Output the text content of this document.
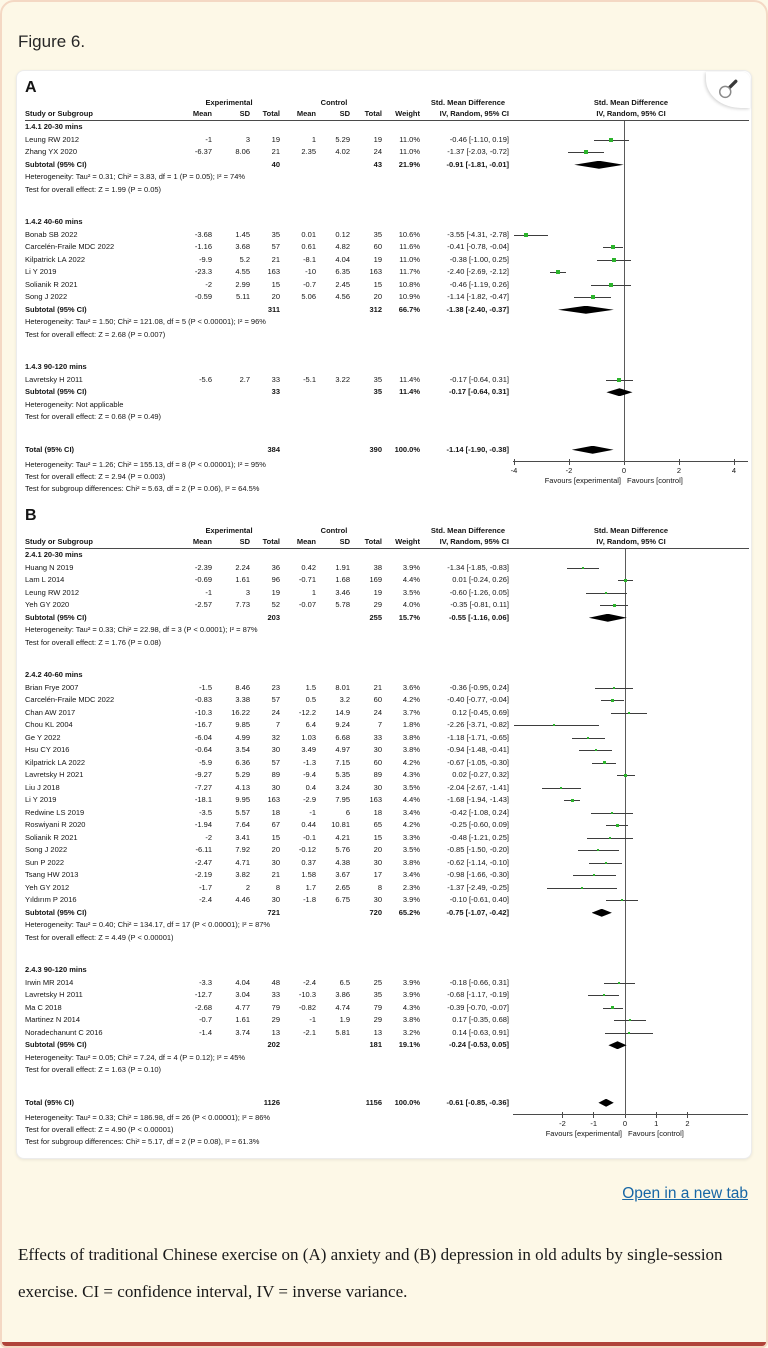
Figure 6.
A
Experimental	Control	Std. Mean Difference	Std. Mean Difference
Study or Subgroup	Mean	SD	Total	Mean	SD	Total	Weight	IV, Random, 95% CI	IV, Random, 95% CI
1.4.1 20-30 mins
Leung RW 2012	-1	3	19	1	5.29	19	11.0%	-0.46 [-1.10, 0.19]
Zhang YX 2020	-6.37	8.06	21	2.35	4.02	24	11.0%	-1.37 [-2.03, -0.72]
Subtotal (95% CI)	40	43	21.9%	-0.91 [-1.81, -0.01]
Heterogeneity: Tau² = 0.31; Chi² = 3.83, df = 1 (P = 0.05); I² = 74%
Test for overall effect: Z = 1.99 (P = 0.05)
1.4.2 40-60 mins
Bonab SB 2022	-3.68	1.45	35	0.01	0.12	35	10.6%	-3.55 [-4.31, -2.78]
Carcelén-Fraile MDC 2022	-1.16	3.68	57	0.61	4.82	60	11.6%	-0.41 [-0.78, -0.04]
Kilpatrick LA 2022	-9.9	5.2	21	-8.1	4.04	19	11.0%	-0.38 [-1.00, 0.25]
Li Y 2019	-23.3	4.55	163	-10	6.35	163	11.7%	-2.40 [-2.69, -2.12]
Solianik R 2021	-2	2.99	15	-0.7	2.45	15	10.8%	-0.46 [-1.19, 0.26]
Song J 2022	-0.59	5.11	20	5.06	4.56	20	10.9%	-1.14 [-1.82, -0.47]
Subtotal (95% CI)	311	312	66.7%	-1.38 [-2.40, -0.37]
Heterogeneity: Tau² = 1.50; Chi² = 121.08, df = 5 (P < 0.00001); I² = 96%
Test for overall effect: Z = 2.68 (P = 0.007)
1.4.3 90-120 mins
Lavretsky H 2011	-5.6	2.7	33	-5.1	3.22	35	11.4%	-0.17 [-0.64, 0.31]
Subtotal (95% CI)	33	35	11.4%	-0.17 [-0.64, 0.31]
Heterogeneity: Not applicable
Test for overall effect: Z = 0.68 (P = 0.49)
Total (95% CI)	384	390	100.0%	-1.14 [-1.90, -0.38]
Heterogeneity: Tau² = 1.26; Chi² = 155.13, df = 8 (P < 0.00001); I² = 95%
Test for overall effect: Z = 2.94 (P = 0.003)
Test for subgroup differences: Chi² = 5.63, df = 2 (P = 0.06), I² = 64.5%
-4	-2	0	2	4
Favours [experimental] Favours [control]
B
Experimental	Control	Std. Mean Difference	Std. Mean Difference
Study or Subgroup	Mean	SD	Total	Mean	SD	Total	Weight	IV, Random, 95% CI	IV, Random, 95% CI
2.4.1 20-30 mins
Huang N 2019	-2.39	2.24	36	0.42	1.91	38	3.9%	-1.34 [-1.85, -0.83]
Lam L 2014	-0.69	1.61	96	-0.71	1.68	169	4.4%	0.01 [-0.24, 0.26]
Leung RW 2012	-1	3	19	1	3.46	19	3.5%	-0.60 [-1.26, 0.05]
Yeh GY 2020	-2.57	7.73	52	-0.07	5.78	29	4.0%	-0.35 [-0.81, 0.11]
Subtotal (95% CI)	203	255	15.7%	-0.55 [-1.16, 0.06]
Heterogeneity: Tau² = 0.33; Chi² = 22.98, df = 3 (P < 0.0001); I² = 87%
Test for overall effect: Z = 1.76 (P = 0.08)
2.4.2 40-60 mins
Brian Frye 2007	-1.5	8.46	23	1.5	8.01	21	3.6%	-0.36 [-0.95, 0.24]
Carcelén-Fraile MDC 2022	-0.83	3.38	57	0.5	3.2	60	4.2%	-0.40 [-0.77, -0.04]
Chan AW 2017	-10.3	16.22	24	-12.2	14.9	24	3.7%	0.12 [-0.45, 0.69]
Chou KL 2004	-16.7	9.85	7	6.4	9.24	7	1.8%	-2.26 [-3.71, -0.82]
Ge Y 2022	-6.04	4.99	32	1.03	6.68	33	3.8%	-1.18 [-1.71, -0.65]
Hsu CY 2016	-0.64	3.54	30	3.49	4.97	30	3.8%	-0.94 [-1.48, -0.41]
Kilpatrick LA 2022	-5.9	6.36	57	-1.3	7.15	60	4.2%	-0.67 [-1.05, -0.30]
Lavretsky H 2021	-9.27	5.29	89	-9.4	5.35	89	4.3%	0.02 [-0.27, 0.32]
Liu J 2018	-7.27	4.13	30	0.4	3.24	30	3.5%	-2.04 [-2.67, -1.41]
Li Y 2019	-18.1	9.95	163	-2.9	7.95	163	4.4%	-1.68 [-1.94, -1.43]
Redwine LS 2019	-3.5	5.57	18	-1	6	18	3.4%	-0.42 [-1.08, 0.24]
Roswiyani R 2020	-1.94	7.64	67	0.44	10.81	65	4.2%	-0.25 [-0.60, 0.09]
Solianik R 2021	-2	3.41	15	-0.1	4.21	15	3.3%	-0.48 [-1.21, 0.25]
Song J 2022	-6.11	7.92	20	-0.12	5.76	20	3.5%	-0.85 [-1.50, -0.20]
Sun P 2022	-2.47	4.71	30	0.37	4.38	30	3.8%	-0.62 [-1.14, -0.10]
Tsang HW 2013	-2.19	3.82	21	1.58	3.67	17	3.4%	-0.98 [-1.66, -0.30]
Yeh GY 2012	-1.7	2	8	1.7	2.65	8	2.3%	-1.37 [-2.49, -0.25]
Yıldırım P 2016	-2.4	4.46	30	-1.8	6.75	30	3.9%	-0.10 [-0.61, 0.40]
Subtotal (95% CI)	721	720	65.2%	-0.75 [-1.07, -0.42]
Heterogeneity: Tau² = 0.40; Chi² = 134.17, df = 17 (P < 0.00001); I² = 87%
Test for overall effect: Z = 4.49 (P < 0.00001)
2.4.3 90-120 mins
Irwin MR 2014	-3.3	4.04	48	-2.4	6.5	25	3.9%	-0.18 [-0.66, 0.31]
Lavretsky H 2011	-12.7	3.04	33	-10.3	3.86	35	3.9%	-0.68 [-1.17, -0.19]
Ma C 2018	-2.68	4.77	79	-0.82	4.74	79	4.3%	-0.39 [-0.70, -0.07]
Martinez N 2014	-0.7	1.61	29	-1	1.9	29	3.8%	0.17 [-0.35, 0.68]
Noradechanunt C 2016	-1.4	3.74	13	-2.1	5.81	13	3.2%	0.14 [-0.63, 0.91]
Subtotal (95% CI)	202	181	19.1%	-0.24 [-0.53, 0.05]
Heterogeneity: Tau² = 0.05; Chi² = 7.24, df = 4 (P = 0.12); I² = 45%
Test for overall effect: Z = 1.63 (P = 0.10)
Total (95% CI)	1126	1156	100.0%	-0.61 [-0.85, -0.36]
Heterogeneity: Tau² = 0.33; Chi² = 186.98, df = 26 (P < 0.00001); I² = 86%
Test for overall effect: Z = 4.90 (P < 0.00001)
Test for subgroup differences: Chi² = 5.17, df = 2 (P = 0.08), I² = 61.3%
-2	-1	0	1	2
Favours [experimental] Favours [control]
Open in a new tab

Effects of traditional Chinese exercise on (A) anxiety and (B) depression in old adults by single-session exercise. CI = confidence interval, IV = inverse variance.
